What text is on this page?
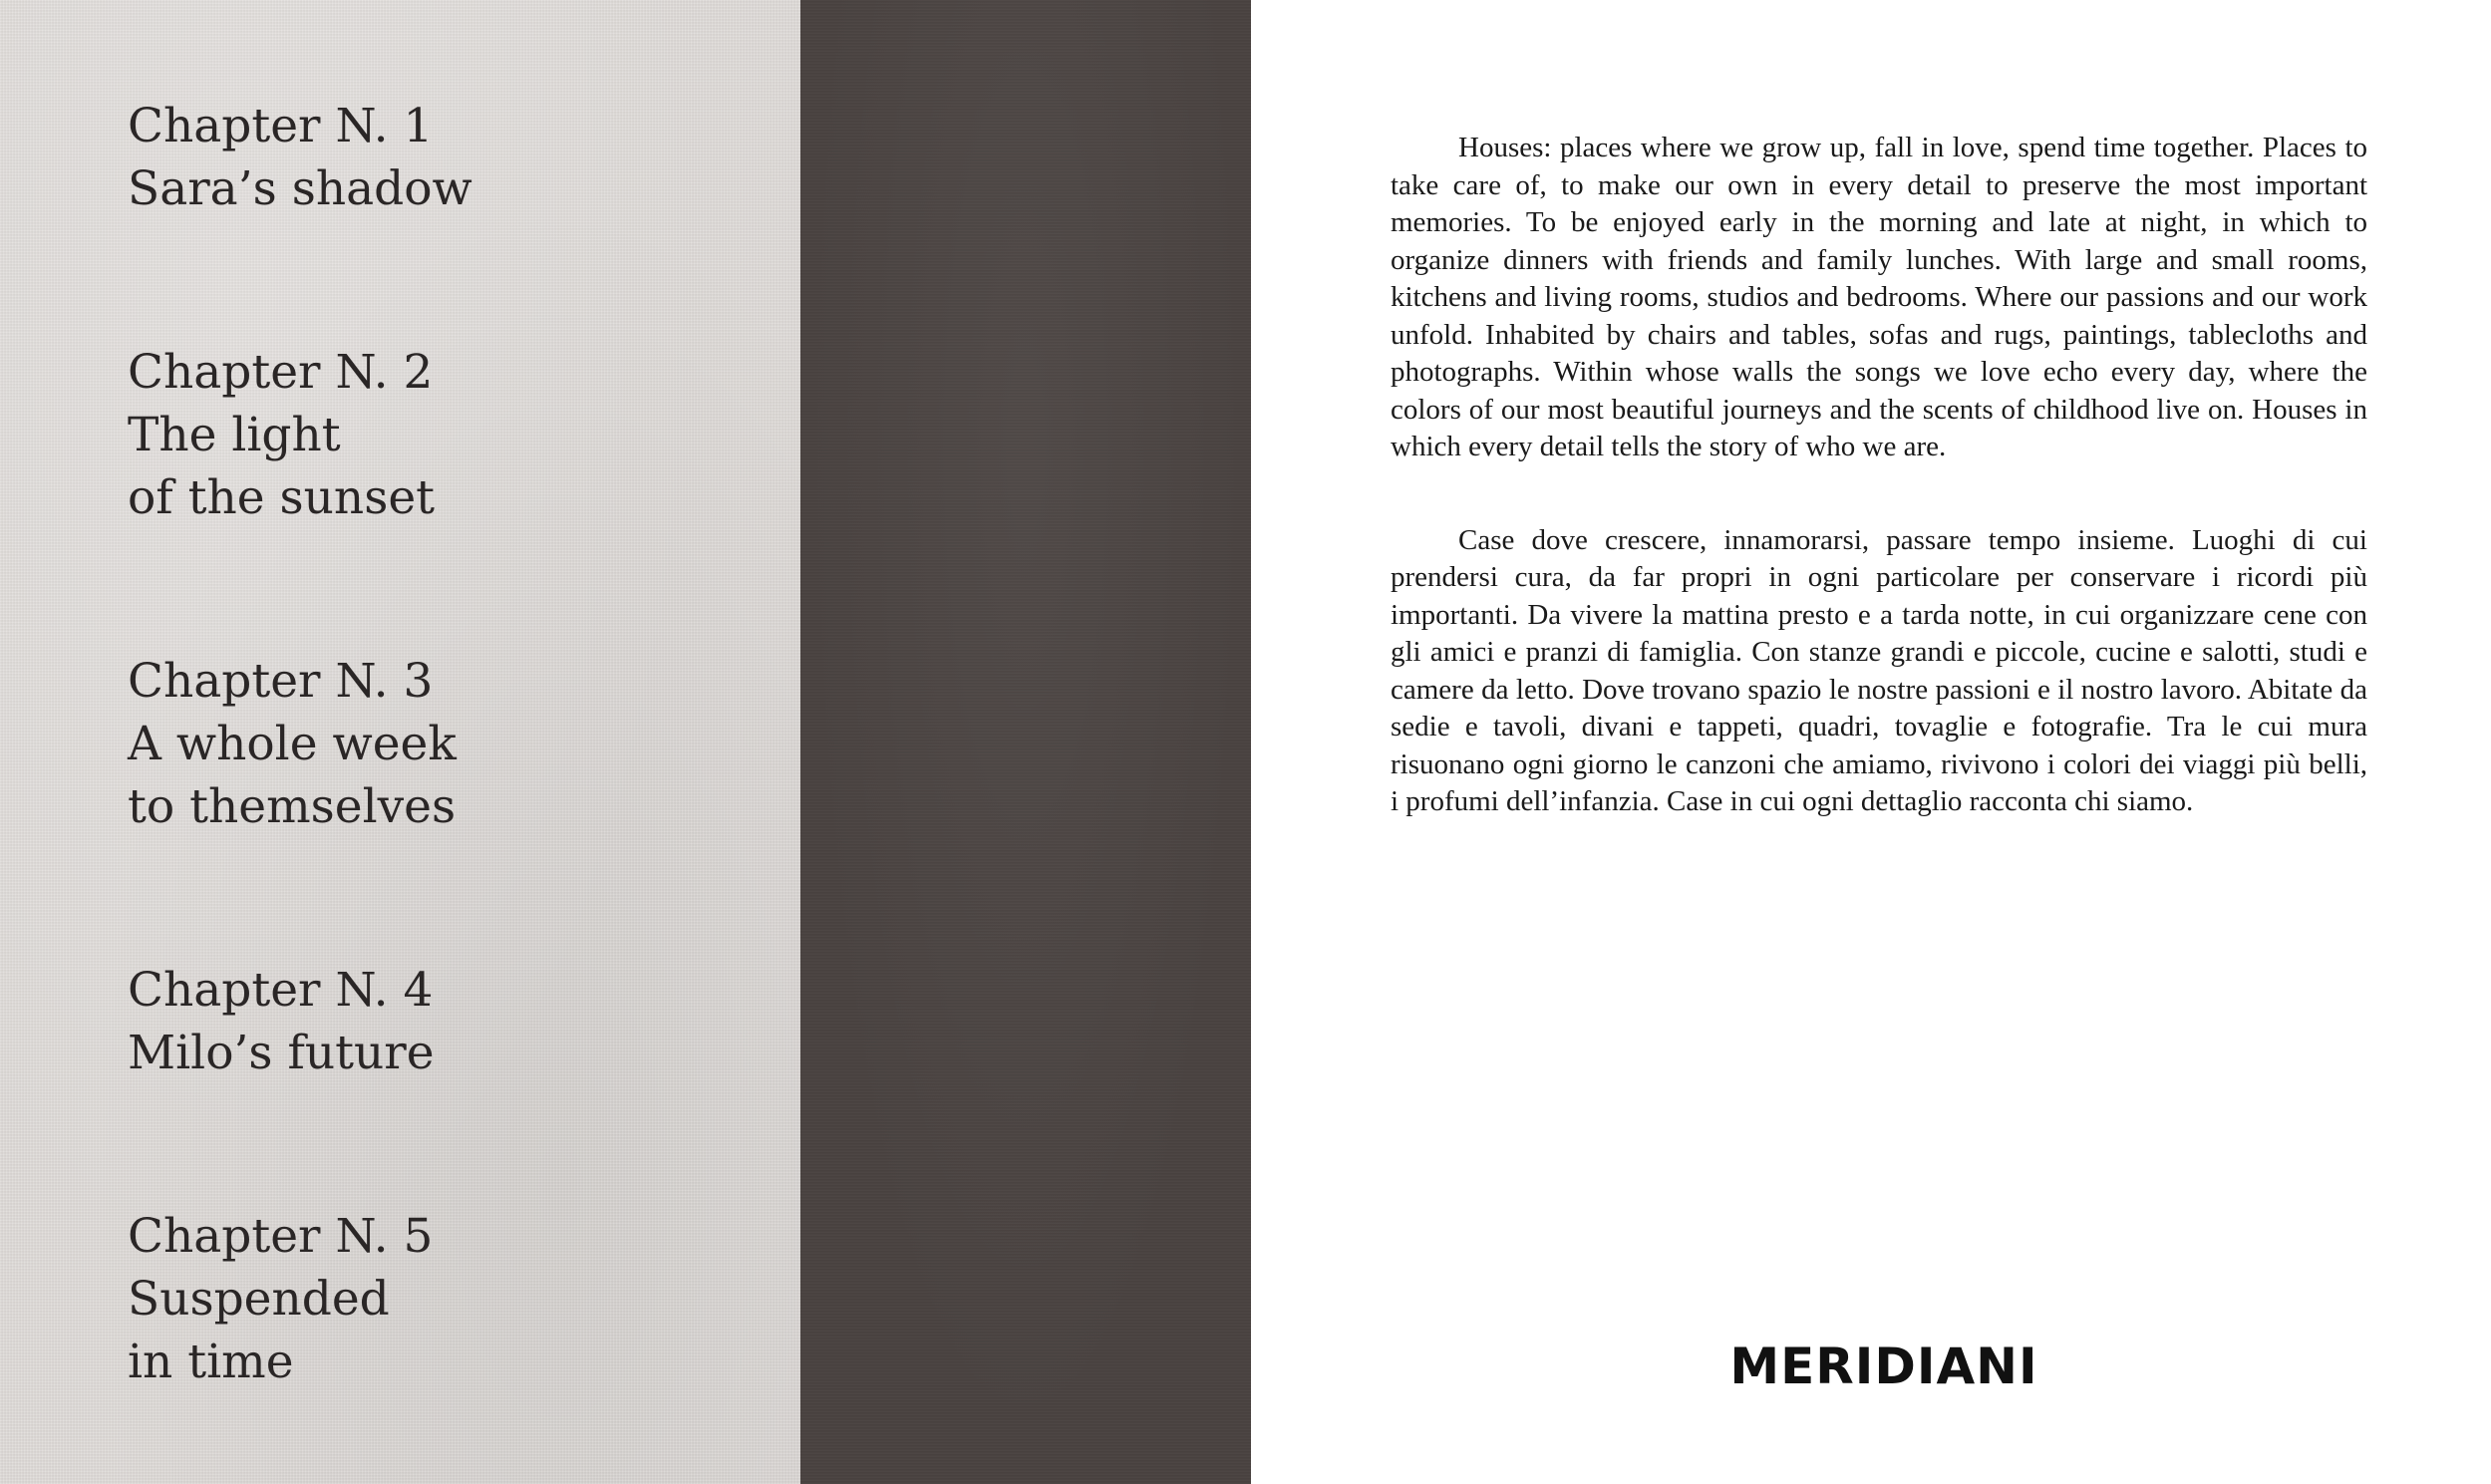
Chapter N. 1
Sara’s shadow
Chapter N. 2
The light
of the sunset
Chapter N. 3
A whole week
to themselves
Chapter N. 4
Milo’s future
Chapter N. 5
Suspended
in time

Houses: places where we grow up, fall in love, spend time together. Places to take care of, to make our own in every detail to preserve the most important memories. To be enjoyed early in the morning and late at night, in which to organize dinners with friends and family lunches. With large and small rooms, kitchens and living rooms, studios and bedrooms. Where our passions and our work unfold. Inhabited by chairs and tables, sofas and rugs, paintings, tablecloths and photographs. Within whose walls the songs we love echo every day, where the colors of our most beautiful journeys and the scents of childhood live on. Houses in which every detail tells the story of who we are.

Case dove crescere, innamorarsi, passare tempo insieme. Luoghi di cui prendersi cura, da far propri in ogni particolare per conservare i ricordi più importanti. Da vivere la mattina presto e a tarda notte, in cui organizzare cene con gli amici e pranzi di famiglia. Con stanze grandi e piccole, cucine e salotti, studi e camere da letto. Dove trovano spazio le nostre passioni e il nostro lavoro. Abitate da sedie e tavoli, divani e tappeti, quadri, tovaglie e fotografie. Tra le cui mura risuonano ogni giorno le canzoni che amiamo, rivivono i colori dei viaggi più belli, i profumi dell’infanzia. Case in cui ogni dettaglio racconta chi siamo.

MERIDIANI
